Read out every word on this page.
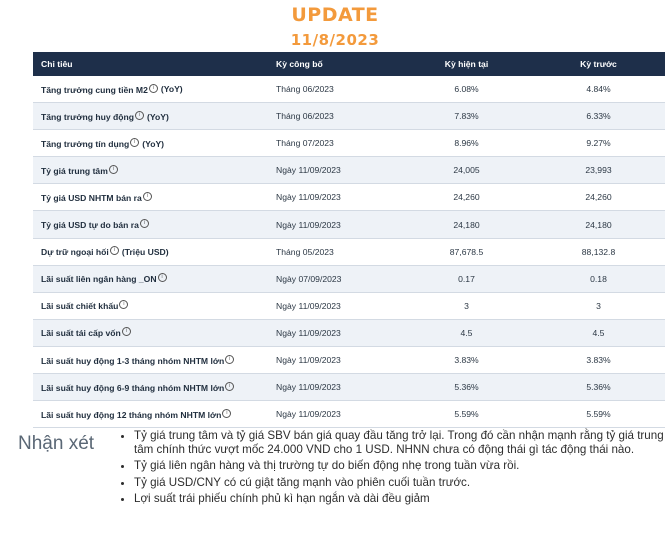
UPDATE
11/8/2023
Chỉ tiêu	Kỳ công bố	Kỳ hiện tại	Kỳ trước
Tăng trưởng cung tiền M2 i (YoY)	Tháng 06/2023	6.08%	4.84%
Tăng trưởng huy động i (YoY)	Tháng 06/2023	7.83%	6.33%
Tăng trưởng tín dụng i (YoY)	Tháng 07/2023	8.96%	9.27%
Tỷ giá trung tâm i	Ngày 11/09/2023	24,005	23,993
Tỷ giá USD NHTM bán ra i	Ngày 11/09/2023	24,260	24,260
Tỷ giá USD tự do bán ra i	Ngày 11/09/2023	24,180	24,180
Dự trữ ngoại hối i (Triệu USD)	Tháng 05/2023	87,678.5	88,132.8
Lãi suất liên ngân hàng _ON i	Ngày 07/09/2023	0.17	0.18
Lãi suất chiết khấu i	Ngày 11/09/2023	3	3
Lãi suất tái cấp vốn i	Ngày 11/09/2023	4.5	4.5
Lãi suất huy động 1-3 tháng nhóm NHTM lớn i	Ngày 11/09/2023	3.83%	3.83%
Lãi suất huy động 6-9 tháng nhóm NHTM lớn i	Ngày 11/09/2023	5.36%	5.36%
Lãi suất huy động 12 tháng nhóm NHTM lớn i	Ngày 11/09/2023	5.59%	5.59%
Nhận xét	• Tỷ giá trung tâm và tỷ giá SBV bán giá quay đầu tăng trở lại. Trong đó cần nhận mạnh rằng tỷ giá trung tâm chính thức vượt mốc 24.000 VND cho 1 USD. NHNN chưa có động thái gì tác động thái nào.
• Tỷ giá liên ngân hàng và thị trường tự do biến động nhẹ trong tuần vừa rồi.
• Tỷ giá USD/CNY có cú giật tăng mạnh vào phiên cuối tuần trước.
• Lợi suất trái phiếu chính phủ kì hạn ngắn và dài đều giảm
